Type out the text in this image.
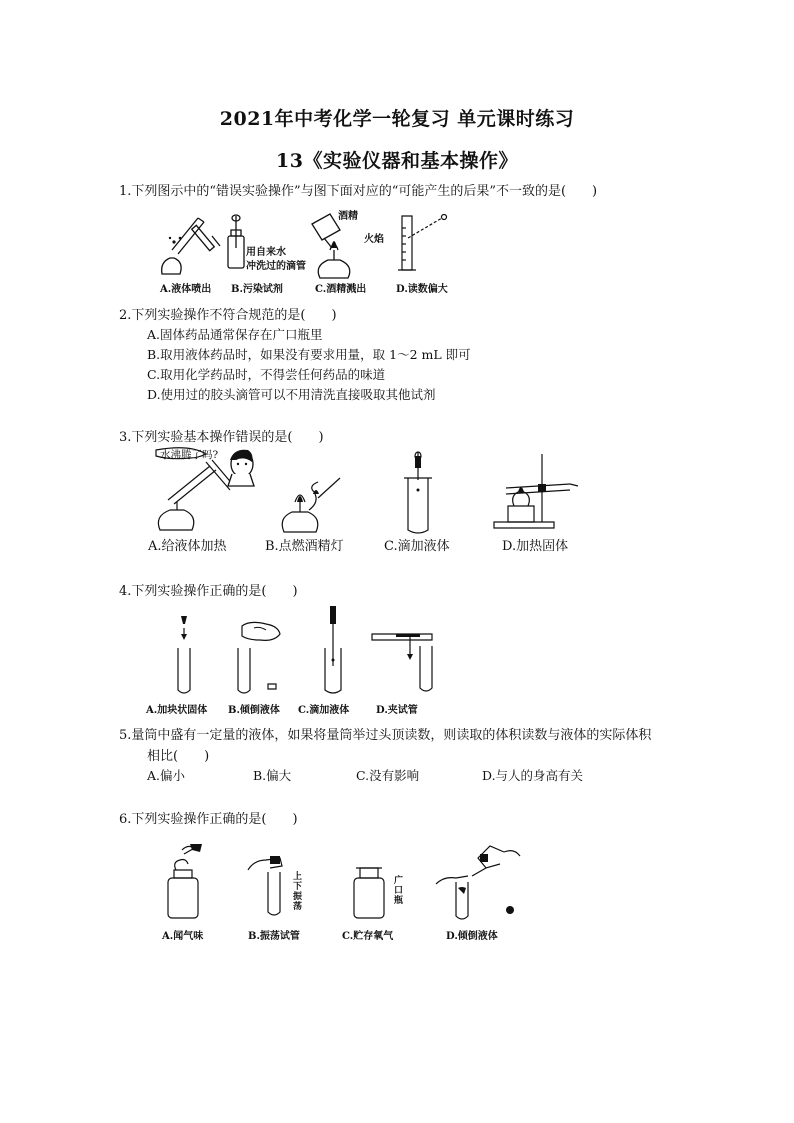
2021年中考化学一轮复习 单元课时练习
13《实验仪器和基本操作》
1.下列图示中的“错误实验操作”与图下面对应的“可能产生的后果”不一致的是(　　)
用自来水
冲洗过的滴管
酒精
火焰
A.液体喷出 B.污染试剂	C.酒精溅出	D.读数偏大
2.下列实验操作不符合规范的是(　　)
A.固体药品通常保存在广口瓶里
B.取用液体药品时，如果没有要求用量，取 1～2 mL 即可
C.取用化学药品时，不得尝任何药品的味道
D.使用过的胶头滴管可以不用清洗直接吸取其他试剂
3.下列实验基本操作错误的是(　　)
水沸腾了吗?
A.给液体加热	B.点燃酒精灯	C.滴加液体	D.加热固体
4.下列实验操作正确的是(　　)
A.加块状固体 B.倾倒液体 C.滴加液体	D.夹试管
5.量筒中盛有一定量的液体，如果将量筒举过头顶读数，则读取的体积读数与液体的实际体积
相比(　　)
A.偏小	B.偏大	C.没有影响	D.与人的身高有关
6.下列实验操作正确的是(　　)
上下振荡
广口瓶
A.闻气味	B.振荡试管	C.贮存氧气	D.倾倒液体
